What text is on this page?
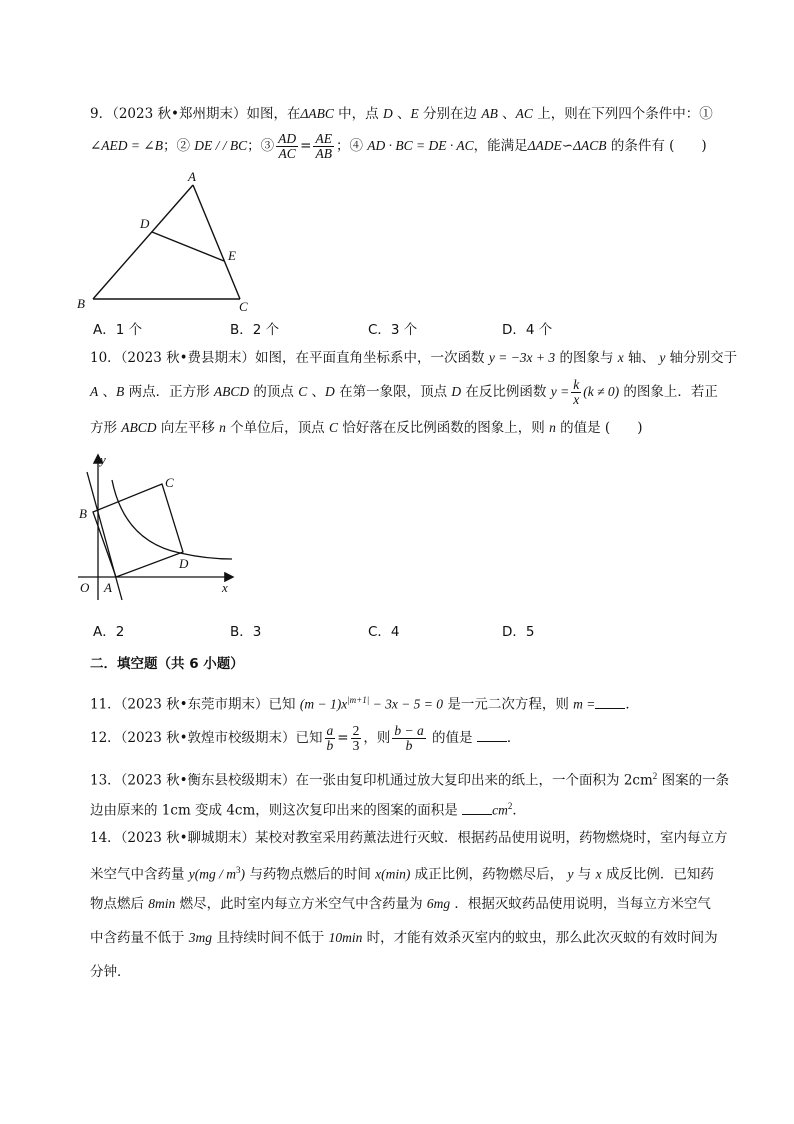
9．（2023 秋•郑州期末）如图，在ΔABC 中，点 D 、E 分别在边 AB 、AC 上，则在下列四个条件中：①
∠AED = ∠B；② DE / / BC；③ $\frac{AD}{AC} = \frac{AE}{AB}$ ；④ AD · BC = DE · AC，能满足ΔADE∽ΔACB 的条件有 (　　)
A
D
E
B	C
A．1 个	B．2 个	C．3 个	D．4 个
10．（2023 秋•费县期末）如图，在平面直角坐标系中，一次函数 y = −3x + 3 的图象与 x 轴、 y 轴分别交于
A 、B 两点．正方形 ABCD 的顶点 C 、D 在第一象限，顶点 D 在反比例函数 $y = \frac{k}{x} (k \ne 0)$ 的图象上．若正
方形 ABCD 向左平移 n 个单位后，顶点 C 恰好落在反比例函数的图象上，则 n 的值是 (　　)
y
C
B
D
O A	x
A．2	B．3	C．4	D．5
二．填空题（共 6 小题）
11．（2023 秋•东莞市期末）已知 $(m - 1)x^{|m+1|} - 3x - 5 = 0$ 是一元二次方程，则 m = ．
12．（2023 秋•敦煌市校级期末）已知 $\frac{a}{b} = \frac{2}{3}$ ，则 $\frac{b - a}{b}$ 的值是 ．
13．（2023 秋•衡东县校级期末）在一张由复印机通过放大复印出来的纸上，一个面积为 $2cm^2$ 图案的一条
边由原来的 1cm 变成 4cm，则这次复印出来的图案的面积是 $cm^2$．
14．（2023 秋•聊城期末）某校对教室采用药薰法进行灭蚊．根据药品使用说明，药物燃烧时，室内每立方
米空气中含药量 $y(mg / m^3)$ 与药物点燃后的时间 x(min) 成正比例，药物燃尽后， y 与 x 成反比例．已知药
物点燃后 8min 燃尽，此时室内每立方米空气中含药量为 6mg ．根据灭蚊药品使用说明，当每立方米空气
中含药量不低于 3mg 且持续时间不低于 10min 时，才能有效杀灭室内的蚊虫，那么此次灭蚊的有效时间为
分钟．
